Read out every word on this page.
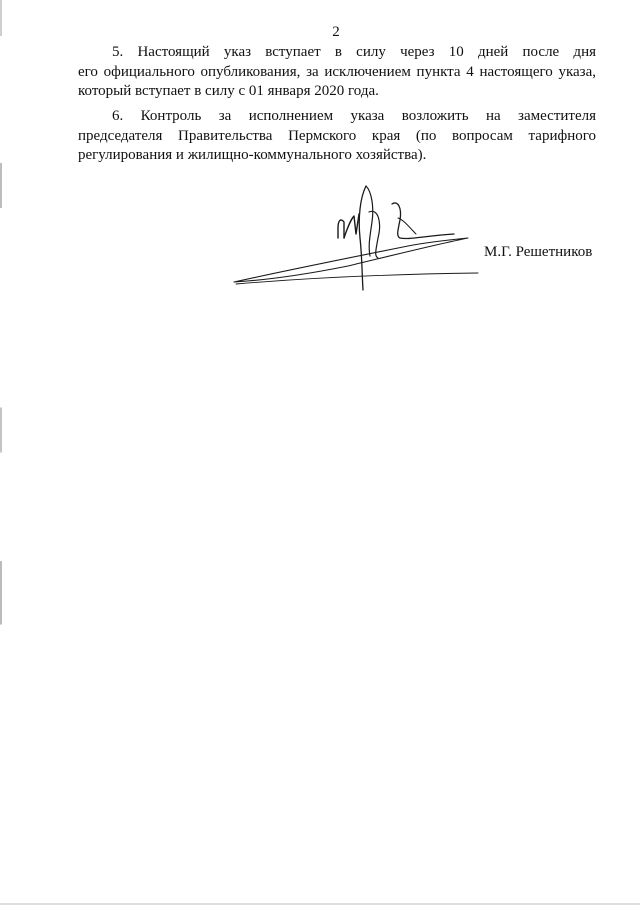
2
5. Настоящий указ вступает в силу через 10 дней после дня
его официального опубликования, за исключением пункта 4 настоящего указа,
который вступает в силу с 01 января 2020 года.
6. Контроль за исполнением указа возложить на заместителя
председателя Правительства Пермского края (по вопросам тарифного
регулирования и жилищно-коммунального хозяйства).
М.Г. Решетников
